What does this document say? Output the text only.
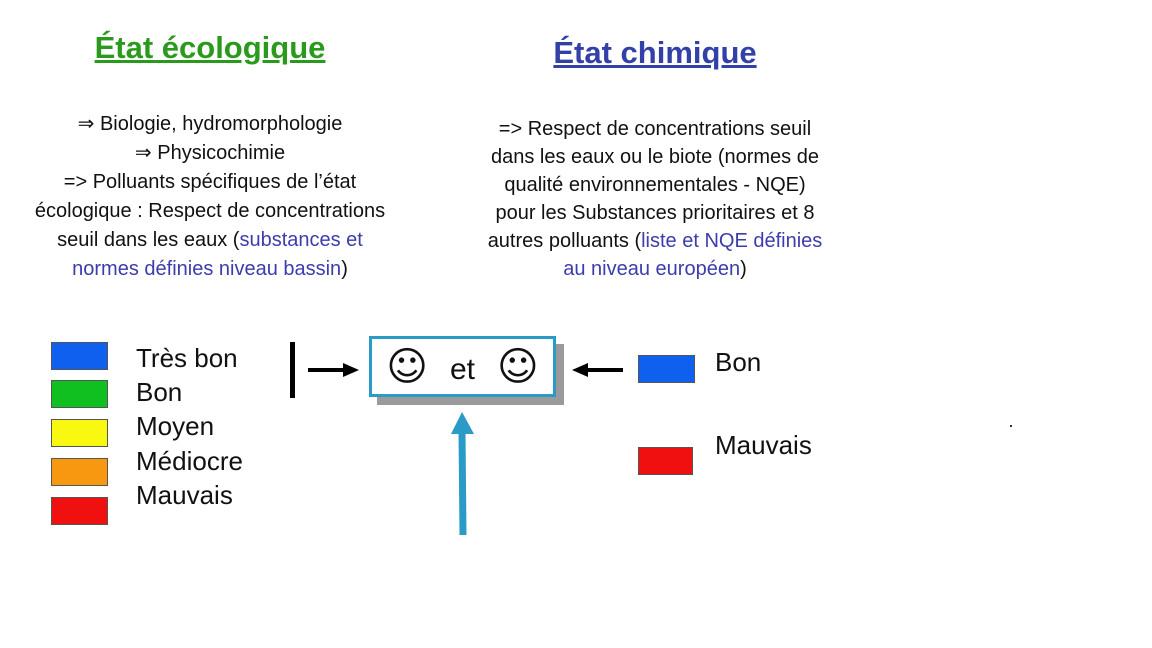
État écologique	État chimique
⇒ Biologie, hydromorphologie
⇒ Physicochimie
=> Polluants spécifiques de l’état
écologique : Respect de concentrations
seuil dans les eaux (substances et
normes définies niveau bassin)
=> Respect de concentrations seuil
dans les eaux ou le biote (normes de
qualité environnementales - NQE)
pour les Substances prioritaires et 8
autres polluants (liste et NQE définies
au niveau européen)
Très bon
Bon
Moyen
Médiocre
Mauvais
Bon
Mauvais
☺ et ☺
